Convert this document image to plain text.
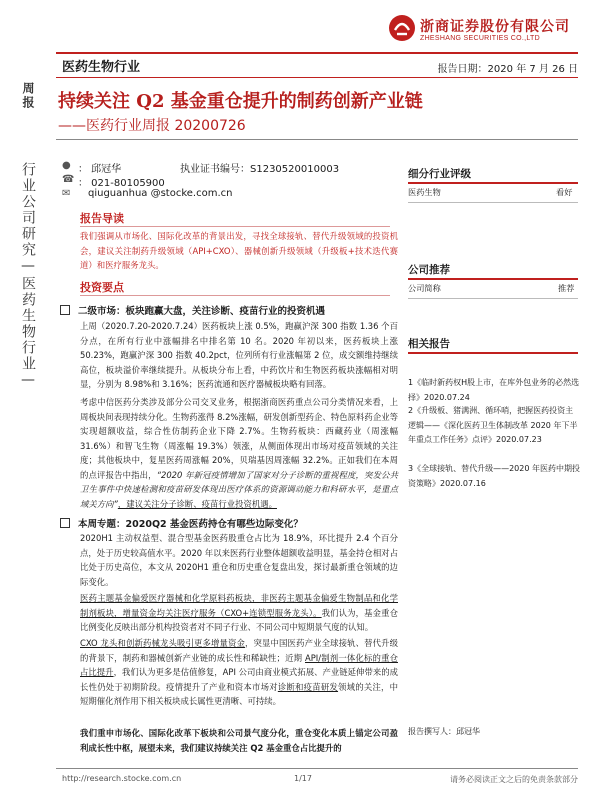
浙商证券股份有限公司
ZHESHANG SECURITIES CO.,LTD
医药生物行业	报告日期：2020 年 7 月 26 日
持续关注 Q2 基金重仓提升的制药创新产业链
——医药行业周报 20200726
周报
行业公司研究—医药生物行业—	● ： 邱冠华	执业证书编号：S1230520010003
☎ ： 021-80105900
✉	qiuguanhua @stocke.com.cn
报告导读
我们强调从市场化、国际化改革的背景出发，寻找全球接轨、替代升级领域的投资机会，建议关注制药升级领域（API+CXO）、器械创新升级领域（升级板+技术迭代赛道）和医疗服务龙头。
投资要点
二级市场：板块跑赢大盘，关注诊断、疫苗行业的投资机遇
上周（2020.7.20-2020.7.24）医药板块上涨 0.5%，跑赢沪深 300 指数 1.36 个百分点，在所有行业中涨幅排名中排名第 10 名。2020 年初以来，医药板块上涨 50.23%，跑赢沪深 300 指数 40.2pct，位列所有行业涨幅第 2 位，成交额维持继续高位，板块溢价率继续提升。从板块分布上看，中药饮片和生物医药板块涨幅相对明显，分别为 8.98%和 3.16%；医药流通和医疗器械板块略有回落。
考虑中信医药分类涉及部分公司交叉业务，根据浙商医药重点公司分类情况来看，上周板块间表现持续分化。生物药涨得 8.2%涨幅，研发创新型药企、特色原料药企业等实现超额收益，综合性仿制药企业下降 2.7%。生物药板块：西藏药业（周涨幅 31.6%）和智飞生物（周涨幅 19.3%）领涨，从侧面体现出市场对疫苗领域的关注度；其他板块中，复星医药周涨幅 20%，贝瑞基因周涨幅 32.2%。正如我们在本周的点评报告中指出，“2020 年新冠疫情增加了国家对分子诊断的重视程度，突发公共卫生事件中快速检测和疫苗研发体现出医疗体系的资源调动能力和科研水平，是重点域关方向”，建议关注分子诊断、疫苗行业投资机遇。
本周专题：2020Q2 基金医药持仓有哪些边际变化？
2020H1 主动权益型、混合型基金医药股重仓占比为 18.9%，环比提升 2.4 个百分点，处于历史较高值水平。2020 年以来医药行业整体超额收益明显，基金持仓相对占比处于历史高位，本文从 2020H1 重仓和历史重仓复盘出发，探讨最新重仓领域的边际变化。
医药主题基金偏爱医疗器械和化学原料药板块，非医药主题基金偏爱生物制品和化学制剂板块，增量资金均关注医疗服务（CXO+连锁型服务龙头）。我们认为，基金重仓比例变化反映出部分机构投资者对不同子行业、不同公司中短期景气度的认知。
CXO 龙头和创新药械龙头吸引更多增量资金，突显中国医药产业全球接轨、替代升级的背景下，制药和器械创新产业链的成长性和稀缺性；近期 API/制剂一体化标的重仓占比提升，我们认为更多是估值修复，API 公司由商业模式拓展、产业链延伸带来的成长性仍处于初期阶段。疫情提升了产业和资本市场对诊断和疫苗研发领域的关注，中短期催化剂作用下相关板块成长属性更清晰、可持续。
我们重申市场化、国际化改革下板块和公司景气度分化，重仓变化本质上锚定公司盈利成长性中枢，展望未来，我们建议持续关注 Q2 基金重仓占比提升的
细分行业评级
医药生物	看好
公司推荐
公司简称	推荐
相关报告
1《临时新药权H股上市，在库外包业务的必然选择》2020.07.24
2《升级板、猪满洲、循环哨，把握医药投资主逻辑——《深化医药卫生体制改革 2020 年下半年重点工作任务》点评》2020.07.23
3《全球接轨、替代升级——2020 年医药中期投资策略》2020.07.16
报告撰写人：邱冠华
http://research.stocke.com.cn	1/17	请务必阅读正文之后的免责条款部分
